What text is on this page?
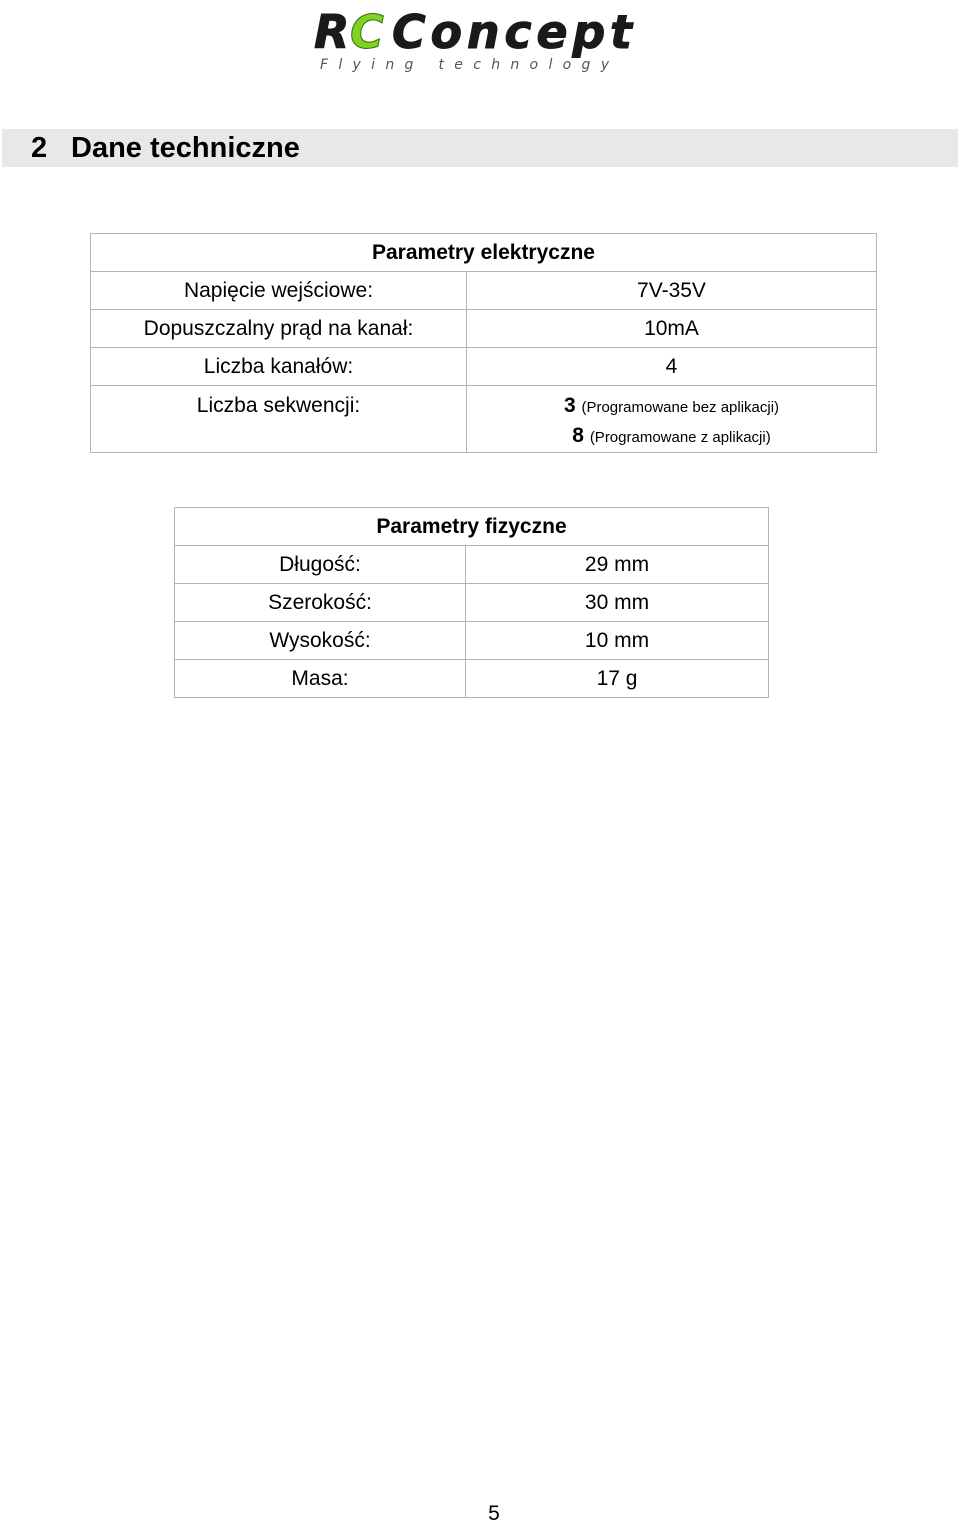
R C Concept
Flying technology
2 Dane techniczne
Parametry elektryczne	
Napięcie wejściowe:	7V-35V
Dopuszczalny prąd na kanał:	10mA
Liczba kanałów:	4
Liczba sekwencji:	3 (Programowane bez aplikacji)
8 (Programowane z aplikacji)
Parametry fizyczne	
Długość:	29 mm
Szerokość:	30 mm
Wysokość:	10 mm
Masa:	17 g
5
